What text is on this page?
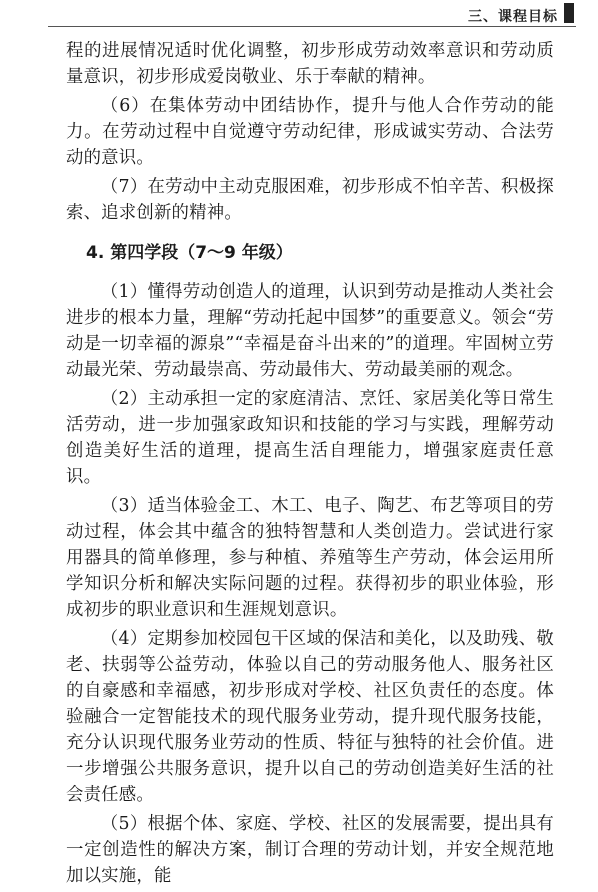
三、课程目标

程的进展情况适时优化调整，初步形成劳动效率意识和劳动质量意识，初步形成爱岗敬业、乐于奉献的精神。

（6）在集体劳动中团结协作，提升与他人合作劳动的能力。在劳动过程中自觉遵守劳动纪律，形成诚实劳动、合法劳动的意识。

（7）在劳动中主动克服困难，初步形成不怕辛苦、积极探索、追求创新的精神。

4. 第四学段（7～9 年级）

（1）懂得劳动创造人的道理，认识到劳动是推动人类社会进步的根本力量，理解“劳动托起中国梦”的重要意义。领会“劳动是一切幸福的源泉”“幸福是奋斗出来的”的道理。牢固树立劳动最光荣、劳动最崇高、劳动最伟大、劳动最美丽的观念。

（2）主动承担一定的家庭清洁、烹饪、家居美化等日常生活劳动，进一步加强家政知识和技能的学习与实践，理解劳动创造美好生活的道理，提高生活自理能力，增强家庭责任意识。

（3）适当体验金工、木工、电子、陶艺、布艺等项目的劳动过程，体会其中蕴含的独特智慧和人类创造力。尝试进行家用器具的简单修理，参与种植、养殖等生产劳动，体会运用所学知识分析和解决实际问题的过程。获得初步的职业体验，形成初步的职业意识和生涯规划意识。

（4）定期参加校园包干区域的保洁和美化，以及助残、敬老、扶弱等公益劳动，体验以自己的劳动服务他人、服务社区的自豪感和幸福感，初步形成对学校、社区负责任的态度。体验融合一定智能技术的现代服务业劳动，提升现代服务技能，充分认识现代服务业劳动的性质、特征与独特的社会价值。进一步增强公共服务意识，提升以自己的劳动创造美好生活的社会责任感。

（5）根据个体、家庭、学校、社区的发展需要，提出具有一定创造性的解决方案，制订合理的劳动计划，并安全规范地加以实施，能
